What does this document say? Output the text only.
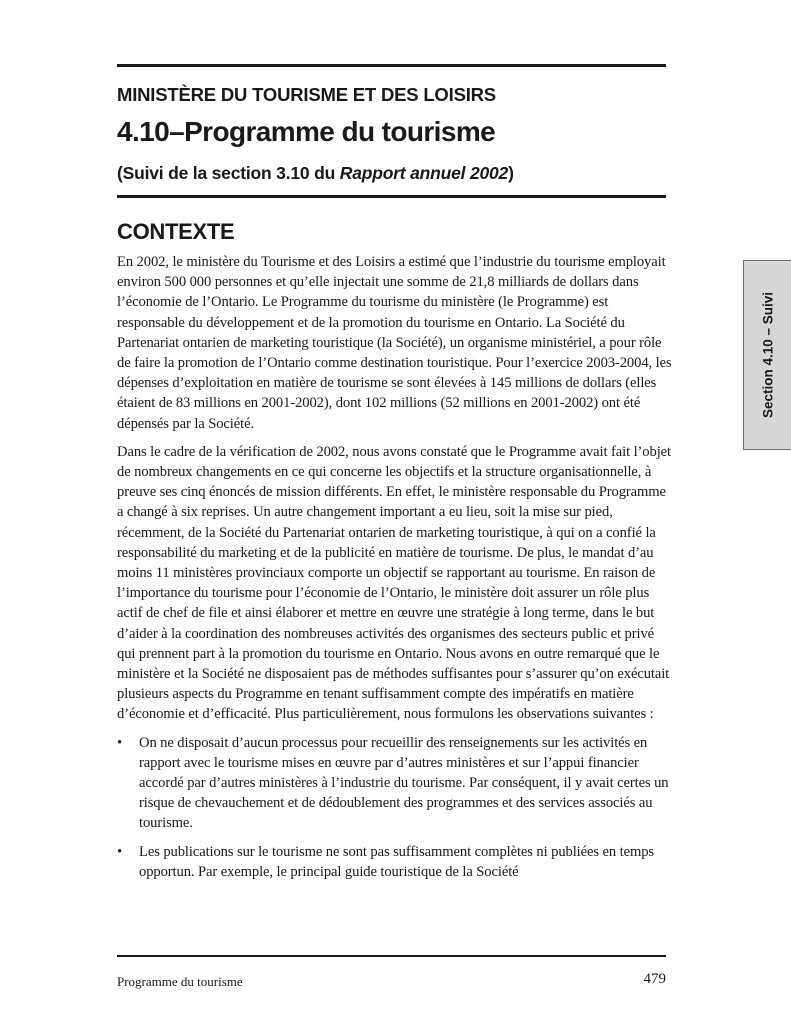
MINISTÈRE DU TOURISME ET DES LOISIRS
4.10–Programme du tourisme
(Suivi de la section 3.10 du Rapport annuel 2002)
CONTEXTE

En 2002, le ministère du Tourisme et des Loisirs a estimé que l’industrie du tourisme employait environ 500 000 personnes et qu’elle injectait une somme de 21,8 milliards de dollars dans l’économie de l’Ontario. Le Programme du tourisme du ministère (le Programme) est responsable du développement et de la promotion du tourisme en Ontario. La Société du Partenariat ontarien de marketing touristique (la Société), un organisme ministériel, a pour rôle de faire la promotion de l’Ontario comme destination touristique. Pour l’exercice 2003-2004, les dépenses d’exploitation en matière de tourisme se sont élevées à 145 millions de dollars (elles étaient de 83 millions en 2001-2002), dont 102 millions (52 millions en 2001-2002) ont été dépensés par la Société.

Dans le cadre de la vérification de 2002, nous avons constaté que le Programme avait fait l’objet de nombreux changements en ce qui concerne les objectifs et la structure organisationnelle, à preuve ses cinq énoncés de mission différents. En effet, le ministère responsable du Programme a changé à six reprises. Un autre changement important a eu lieu, soit la mise sur pied, récemment, de la Société du Partenariat ontarien de marketing touristique, à qui on a confié la responsabilité du marketing et de la publicité en matière de tourisme. De plus, le mandat d’au moins 11 ministères provinciaux comporte un objectif se rapportant au tourisme. En raison de l’importance du tourisme pour l’économie de l’Ontario, le ministère doit assurer un rôle plus actif de chef de file et ainsi élaborer et mettre en œuvre une stratégie à long terme, dans le but d’aider à la coordination des nombreuses activités des organismes des secteurs public et privé qui prennent part à la promotion du tourisme en Ontario. Nous avons en outre remarqué que le ministère et la Société ne disposaient pas de méthodes suffisantes pour s’assurer qu’on exécutait plusieurs aspects du Programme en tenant suffisamment compte des impératifs en matière d’économie et d’efficacité. Plus particulièrement, nous formulons les observations suivantes :

• On ne disposait d’aucun processus pour recueillir des renseignements sur les activités en rapport avec le tourisme mises en œuvre par d’autres ministères et sur l’appui financier accordé par d’autres ministères à l’industrie du tourisme. Par conséquent, il y avait certes un risque de chevauchement et de dédoublement des programmes et des services associés au tourisme.
• Les publications sur le tourisme ne sont pas suffisamment complètes ni publiées en temps opportun. Par exemple, le principal guide touristique de la Société
Section 4.10 – Suivi
Programme du tourisme	479
